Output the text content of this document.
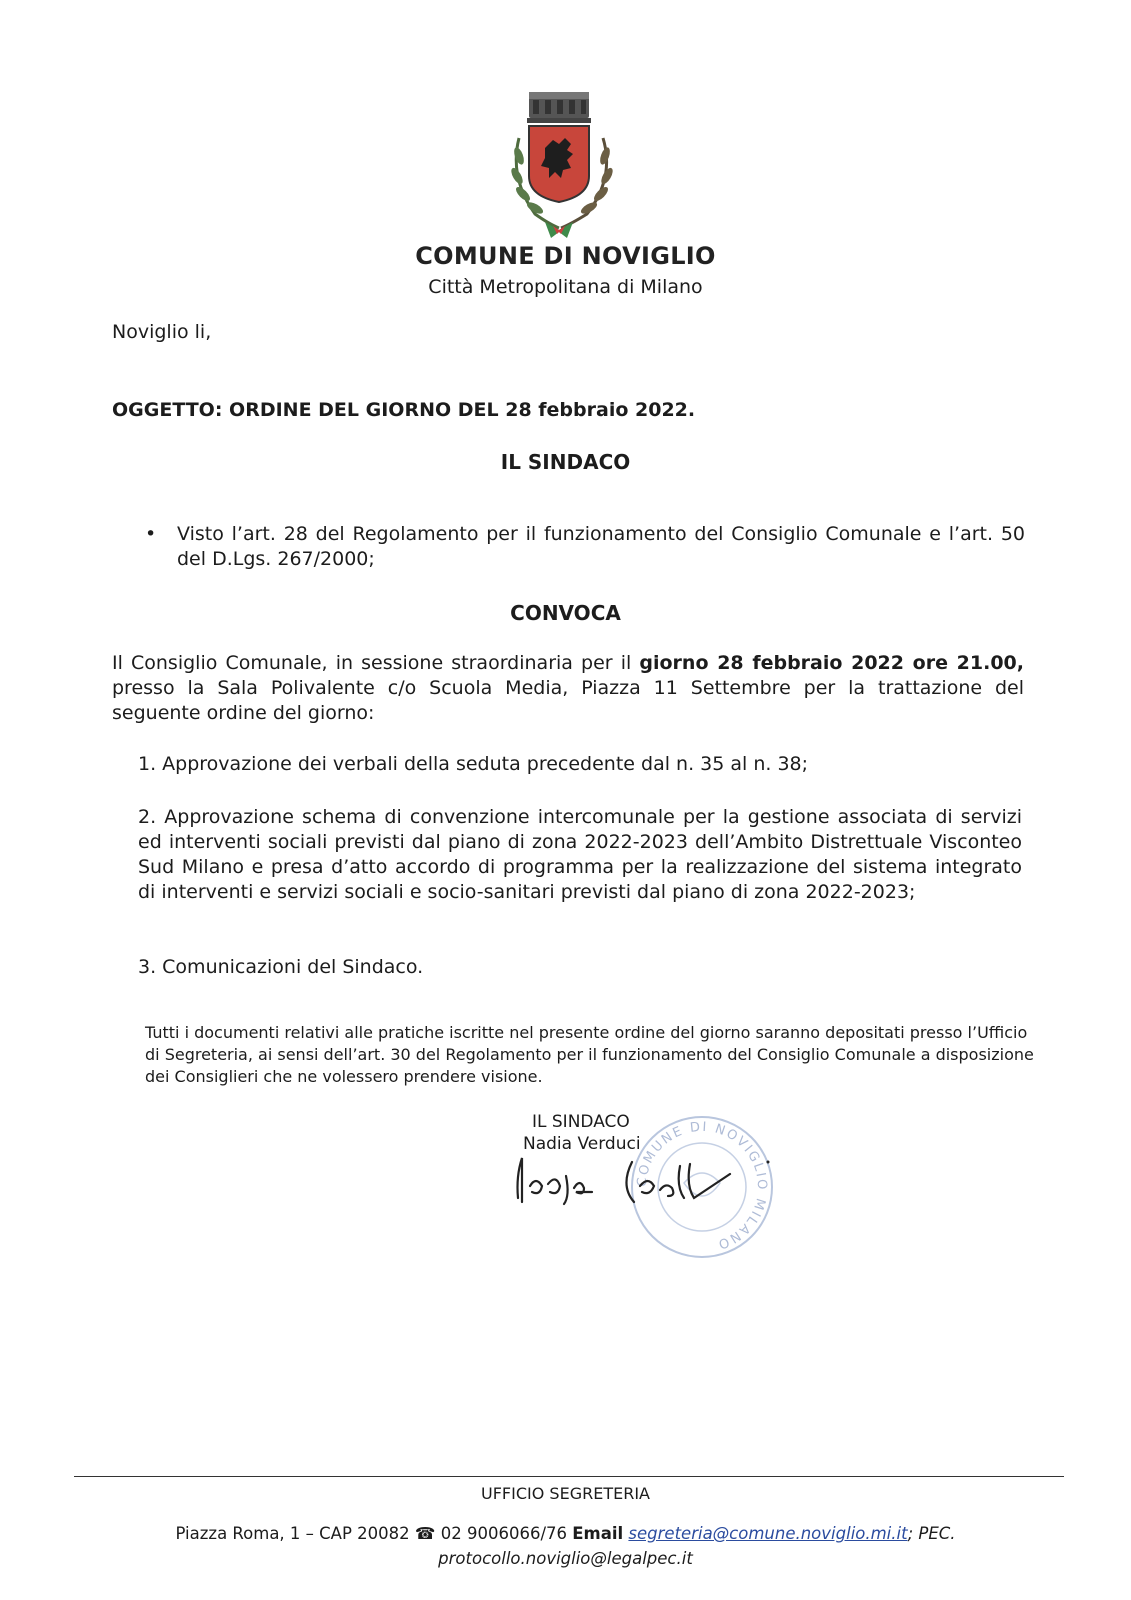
COMUNE DI NOVIGLIO
Città Metropolitana di Milano
Noviglio li,
OGGETTO: ORDINE DEL GIORNO DEL 28 febbraio 2022.
IL SINDACO
• Visto l’art. 28 del Regolamento per il funzionamento del Consiglio Comunale e l’art. 50 del D.Lgs. 267/2000;
CONVOCA
Il Consiglio Comunale, in sessione straordinaria per il giorno 28 febbraio 2022 ore 21.00, presso la Sala Polivalente c/o Scuola Media, Piazza 11 Settembre per la trattazione del seguente ordine del giorno:
1. Approvazione dei verbali della seduta precedente dal n. 35 al n. 38;
2. Approvazione schema di convenzione intercomunale per la gestione associata di servizi ed interventi sociali previsti dal piano di zona 2022-2023 dell’Ambito Distrettuale Visconteo Sud Milano e presa d’atto accordo di programma per la realizzazione del sistema integrato di interventi e servizi sociali e socio-sanitari previsti dal piano di zona 2022-2023;
3. Comunicazioni del Sindaco.
Tutti i documenti relativi alle pratiche iscritte nel presente ordine del giorno saranno depositati presso l’Ufficio di Segreteria, ai sensi dell’art. 30 del Regolamento per il funzionamento del Consiglio Comunale a disposizione dei Consiglieri che ne volessero prendere visione.
COMUNE DI NOVIGLIO MILANO
IL SINDACO
Nadia Verduci
UFFICIO SEGRETERIA
Piazza Roma, 1 – CAP 20082 ☎ 02 9006066/76 Email segreteria@comune.noviglio.mi.it; PEC.
protocollo.noviglio@legalpec.it
